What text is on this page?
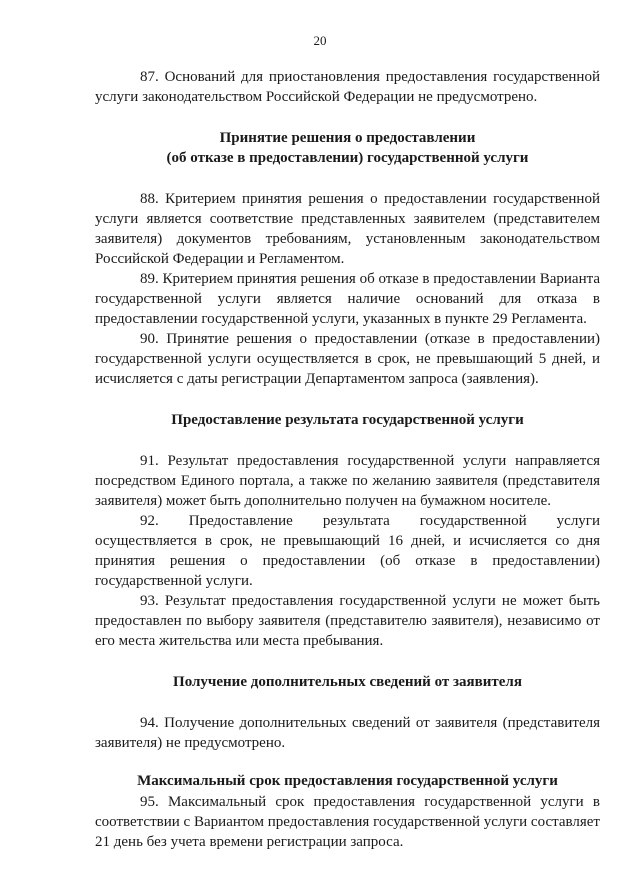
20

87. Оснований для приостановления предоставления государственной услуги законодательством Российской Федерации не предусмотрено.

Принятие решения о предоставлении

(об отказе в предоставлении) государственной услуги

88. Критерием принятия решения о предоставлении государственной услуги является соответствие представленных заявителем (представителем заявителя) документов требованиям, установленным законодательством Российской Федерации и Регламентом.

89. Критерием принятия решения об отказе в предоставлении Варианта государственной услуги является наличие оснований для отказа в предоставлении государственной услуги, указанных в пункте 29 Регламента.

90. Принятие решения о предоставлении (отказе в предоставлении) государственной услуги осуществляется в срок, не превышающий 5 дней, и исчисляется с даты регистрации Департаментом запроса (заявления).

Предоставление результата государственной услуги

91. Результат предоставления государственной услуги направляется посредством Единого портала, а также по желанию заявителя (представителя заявителя) может быть дополнительно получен на бумажном носителе.

92. Предоставление результата государственной услуги осуществляется в срок, не превышающий 16 дней, и исчисляется со дня принятия решения о предоставлении (об отказе в предоставлении) государственной услуги.

93. Результат предоставления государственной услуги не может быть предоставлен по выбору заявителя (представителю заявителя), независимо от его места жительства или места пребывания.

Получение дополнительных сведений от заявителя

94. Получение дополнительных сведений от заявителя (представителя заявителя) не предусмотрено.

Максимальный срок предоставления государственной услуги

95. Максимальный срок предоставления государственной услуги в соответствии с Вариантом предоставления государственной услуги составляет 21 день без учета времени регистрации запроса.
